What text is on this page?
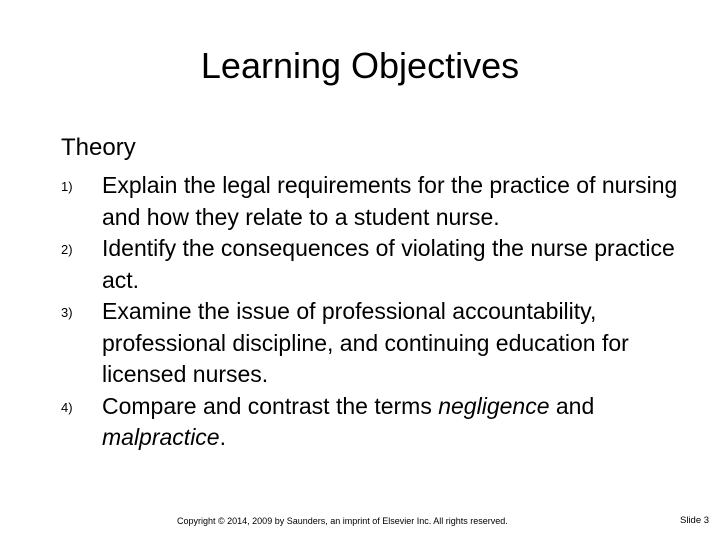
Learning Objectives
Theory
1) Explain the legal requirements for the practice of nursing and how they relate to a student nurse.
2) Identify the consequences of violating the nurse practice act.
3) Examine the issue of professional accountability, professional discipline, and continuing education for licensed nurses.
4) Compare and contrast the terms negligence and malpractice.
Copyright © 2014, 2009 by Saunders, an imprint of Elsevier Inc. All rights reserved.	Slide 3
